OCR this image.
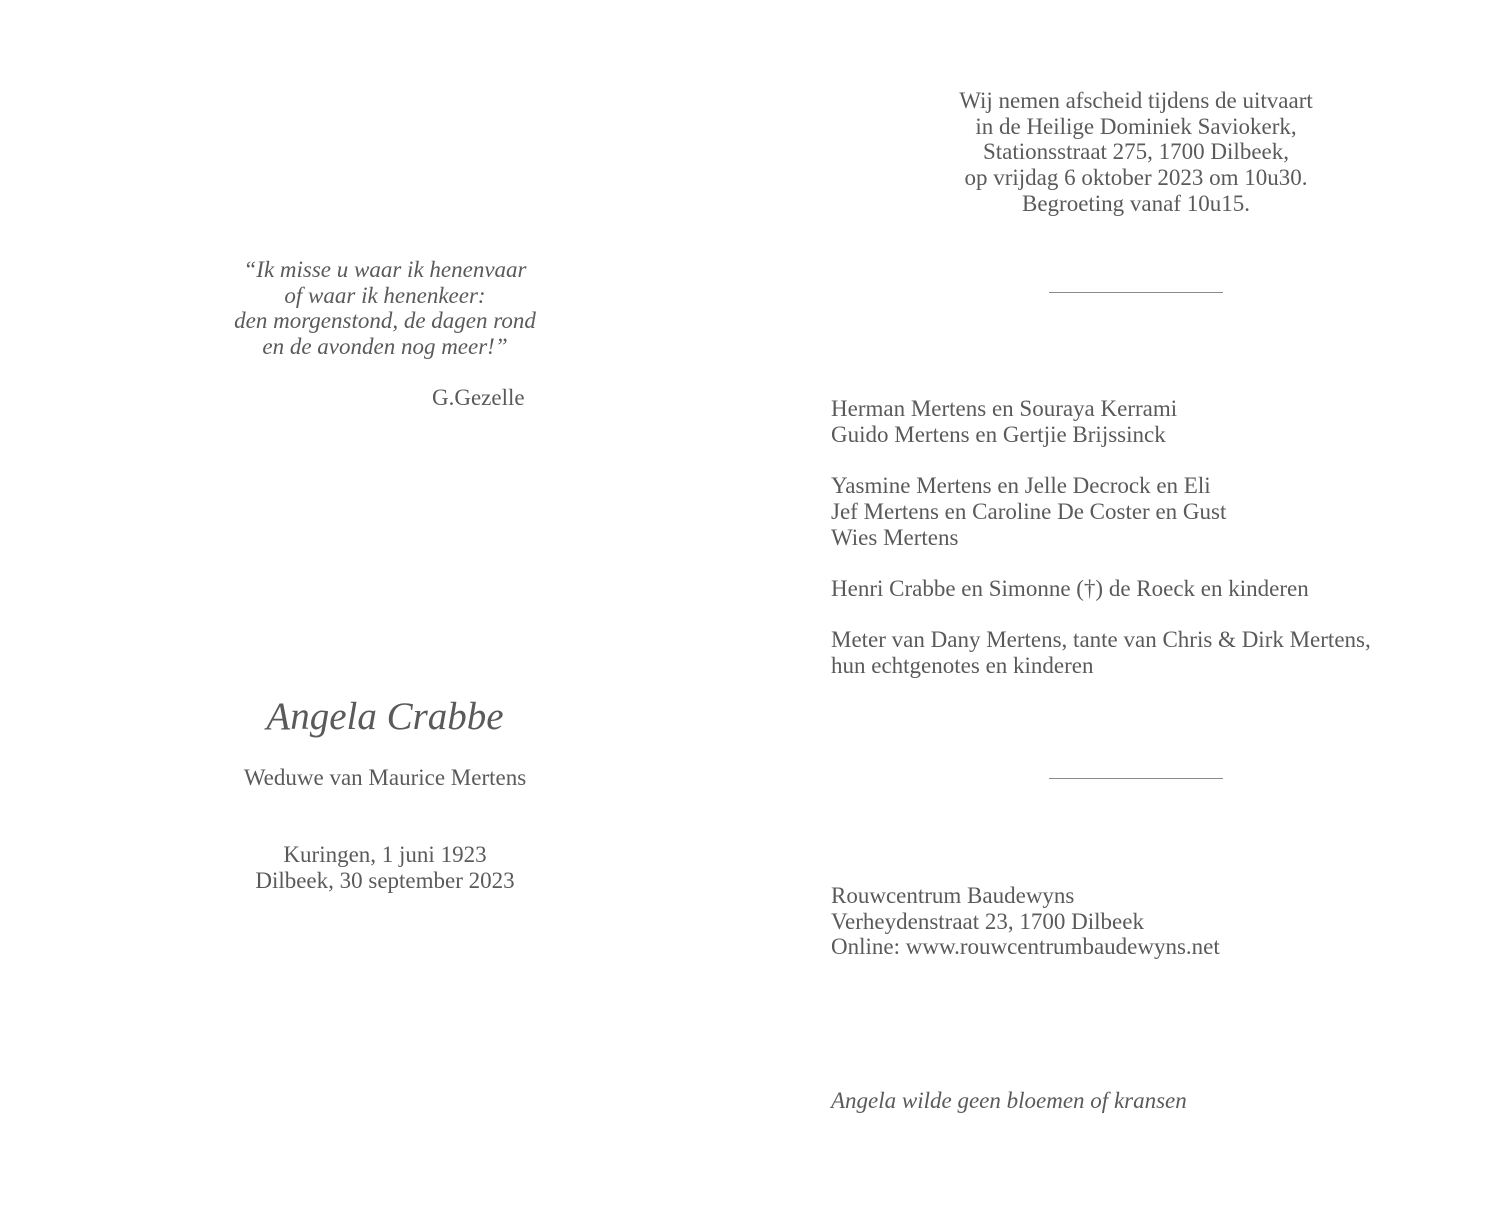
“Ik misse u waar ik henenvaar
of waar ik henenkeer:
den morgenstond, de dagen rond
en de avonden nog meer!”
G.Gezelle
Angela Crabbe
Weduwe van Maurice Mertens
Kuringen, 1 juni 1923
Dilbeek, 30 september 2023
Wij nemen afscheid tijdens de uitvaart
in de Heilige Dominiek Saviokerk,
Stationsstraat 275, 1700 Dilbeek,
op vrijdag 6 oktober 2023 om 10u30.
Begroeting vanaf 10u15.
Herman Mertens en Souraya Kerrami
Guido Mertens en Gertjie Brijssinck
Yasmine Mertens en Jelle Decrock en Eli
Jef Mertens en Caroline De Coster en Gust
Wies Mertens
Henri Crabbe en Simonne (†) de Roeck en kinderen
Meter van Dany Mertens, tante van Chris & Dirk Mertens,
hun echtgenotes en kinderen
Rouwcentrum Baudewyns
Verheydenstraat 23, 1700 Dilbeek
Online: www.rouwcentrumbaudewyns.net
Angela wilde geen bloemen of kransen
